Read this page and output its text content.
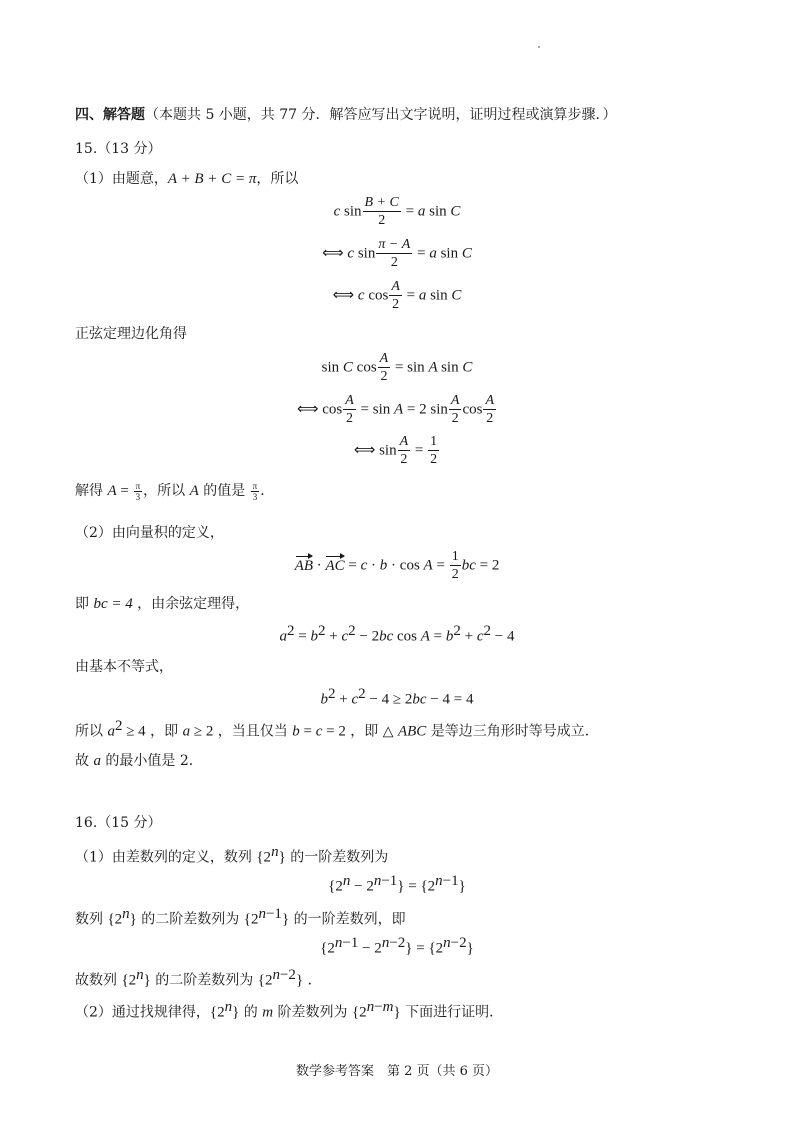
四、解答题（本题共 5 小题，共 77 分．解答应写出文字说明，证明过程或演算步骤．）
15.（13 分）
（1）由题意，A + B + C = π，所以
c $\sin \frac{B + C}{2} = a$ sin C
⟺ c $\sin \frac{\pi - A}{2} = a$ sin C
⟺ c $\cos \frac{A}{2} = a$ sin C
正弦定理边化角得
sin C $\cos \frac{A}{2} = \sin A$ sin C
⟺ $\cos \frac{A}{2} = \sin A = 2$ $\sin \frac{A}{2}$ $\cos \frac{A}{2}$
⟺ $\sin \frac{A}{2} = \frac{1}{2}$
解得 $A = \frac{\pi}{3}$ ，所以 A 的值是 $\frac{\pi}{3}$ ．
（2）由向量积的定义，
AB · AC = $c \cdot b \cdot \cos A = \frac{1}{2}$ bc = 2
即 bc = 4 ，由余弦定理得，
$a^2 = b^2 + c^2 - 2bc$ $\cos A = b^2 + c^2 - 4$
由基本不等式，
$b^2 + c^2 - 4 \ge 2bc - 4 = 4$
所以 $a^2 \ge 4$ ，即 a ≥ 2 ，当且仅当 b = c = 2 ，即 △ ABC 是等边三角形时等号成立．
故 a 的最小值是 2．
16.（15 分）
（1）由差数列的定义，数列 {2$^n$} 的一阶差数列为
$\{2^n - 2^{n-1}\} = \{2^{n-1}\}$
数列 {2$^n$} 的二阶差数列为 $\{2^{n-1}\}$ 的一阶差数列，即
$\{2^{n-1} - 2^{n-2}\} = \{2^{n-2}\}$
故数列 {2$^n$} 的二阶差数列为 $\{2^{n-2}\}$ ．
（2）通过找规律得，{2$^n$} 的 m 阶差数列为 $\{2^{n-m}\}$ 下面进行证明．
数学参考答案　第 2 页（共 6 页）
